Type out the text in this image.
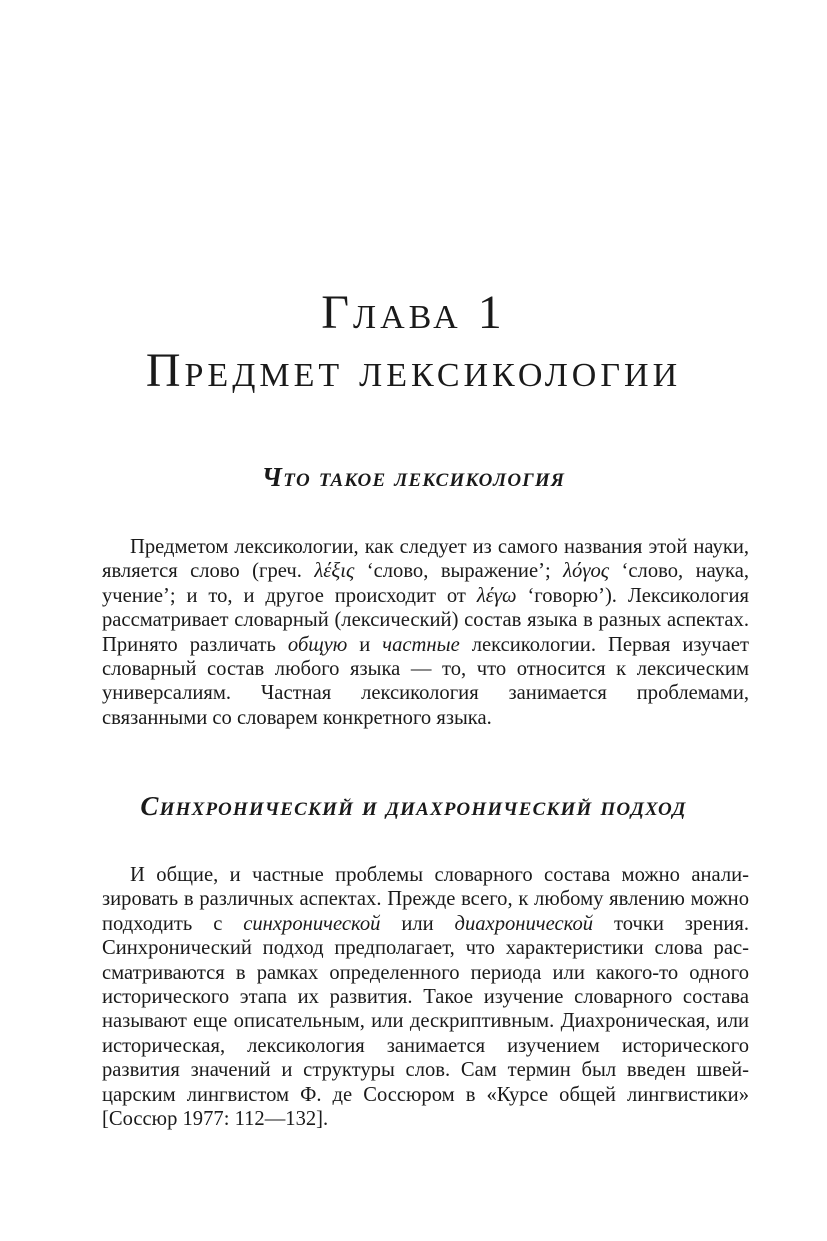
Глава 1
Предмет лексикологии
Что такое лексикология

Предметом лексикологии, как следует из самого названия этой науки, является слово (греч. λέξις ‘слово, выражение’; λόγος ‘слово, наука, учение’; и то, и другое происходит от λέγω ‘говорю’). Лексикология рассматривает словарный (лексический) состав языка в разных аспектах. Принято различать общую и частные лексикологии. Первая изучает словарный состав любого языка — то, что относится к лексическим универсалиям. Частная лексикология занимается проблемами, связанными со словарем конкретного языка.

Синхронический и диахронический подход

И общие, и частные проблемы словарного состава можно анализировать в различных аспектах. Прежде всего, к любому явлению можно подходить с синхронической или диахронической точки зрения. Синхронический подход предполагает, что характеристики слова рассматриваются в рамках определенного периода или какого-то одного исторического этапа их развития. Такое изучение словарного состава называют еще описательным, или дескриптивным. Диахроническая, или историческая, лексикология занимается изучением исторического развития значений и структуры слов. Сам термин был введен швейцарским лингвистом Ф. де Соссюром в «Курсе общей лингвистики» [Соссюр 1977: 112—132].
